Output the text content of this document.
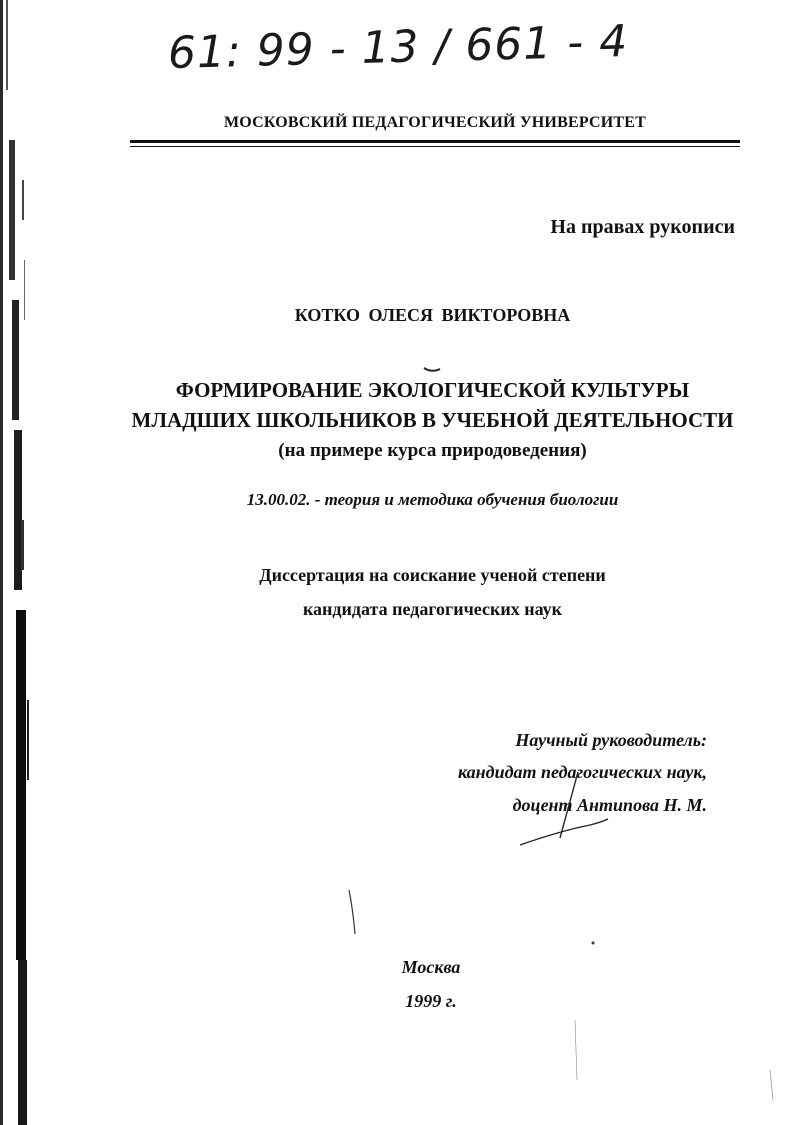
61: 99 - 13 / 661 - 4
МОСКОВСКИЙ ПЕДАГОГИЧЕСКИЙ УНИВЕРСИТЕТ
На правах рукописи
КОТКО ОЛЕСЯ ВИКТОРОВНА
ФОРМИРОВАНИЕ ЭКОЛОГИЧЕСКОЙ КУЛЬТУРЫ
МЛАДШИХ ШКОЛЬНИКОВ В УЧЕБНОЙ ДЕЯТЕЛЬНОСТИ
(на примере курса природоведения)
13.00.02. - теория и методика обучения биологии
Диссертация на соискание ученой степени
кандидата педагогических наук
Научный руководитель:
кандидат педагогических наук,
доцент Антипова Н. М.
Москва
1999 г.
